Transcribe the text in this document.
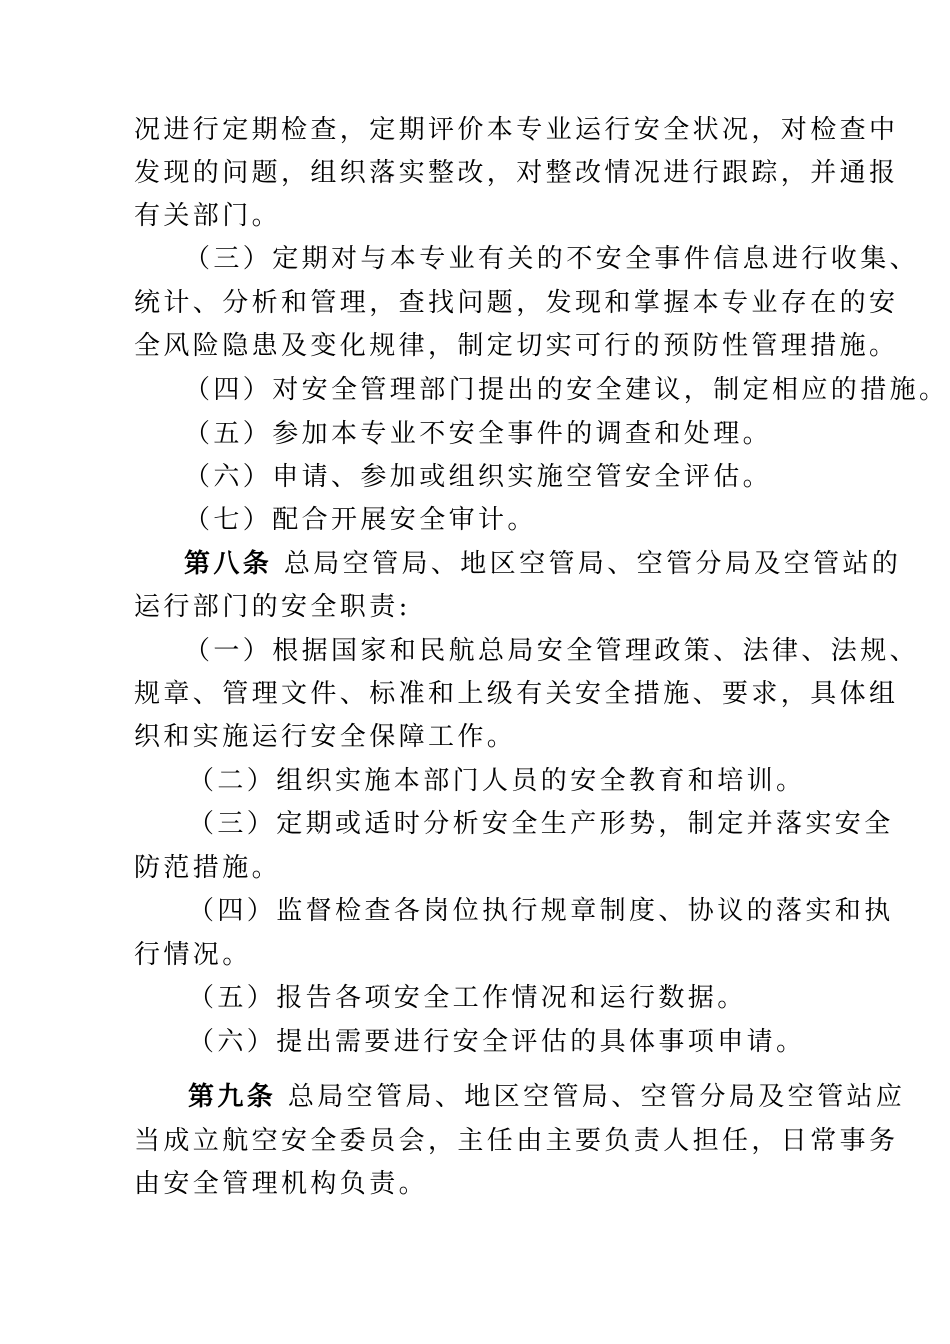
况进行定期检查，定期评价本专业运行安全状况，对检查中
发现的问题，组织落实整改，对整改情况进行跟踪，并通报
有关部门。
（三）定期对与本专业有关的不安全事件信息进行收集、
统计、分析和管理，查找问题，发现和掌握本专业存在的安
全风险隐患及变化规律，制定切实可行的预防性管理措施。
（四）对安全管理部门提出的安全建议，制定相应的措施。
（五）参加本专业不安全事件的调查和处理。
（六）申请、参加或组织实施空管安全评估。
（七）配合开展安全审计。
第八条 总局空管局、地区空管局、空管分局及空管站的
运行部门的安全职责:
（一）根据国家和民航总局安全管理政策、法律、法规、
规章、管理文件、标准和上级有关安全措施、要求，具体组
织和实施运行安全保障工作。
（二）组织实施本部门人员的安全教育和培训。
（三）定期或适时分析安全生产形势，制定并落实安全
防范措施。
（四）监督检查各岗位执行规章制度、协议的落实和执
行情况。
（五）报告各项安全工作情况和运行数据。
（六）提出需要进行安全评估的具体事项申请。
第九条 总局空管局、地区空管局、空管分局及空管站应
当成立航空安全委员会，主任由主要负责人担任，日常事务
由安全管理机构负责。
